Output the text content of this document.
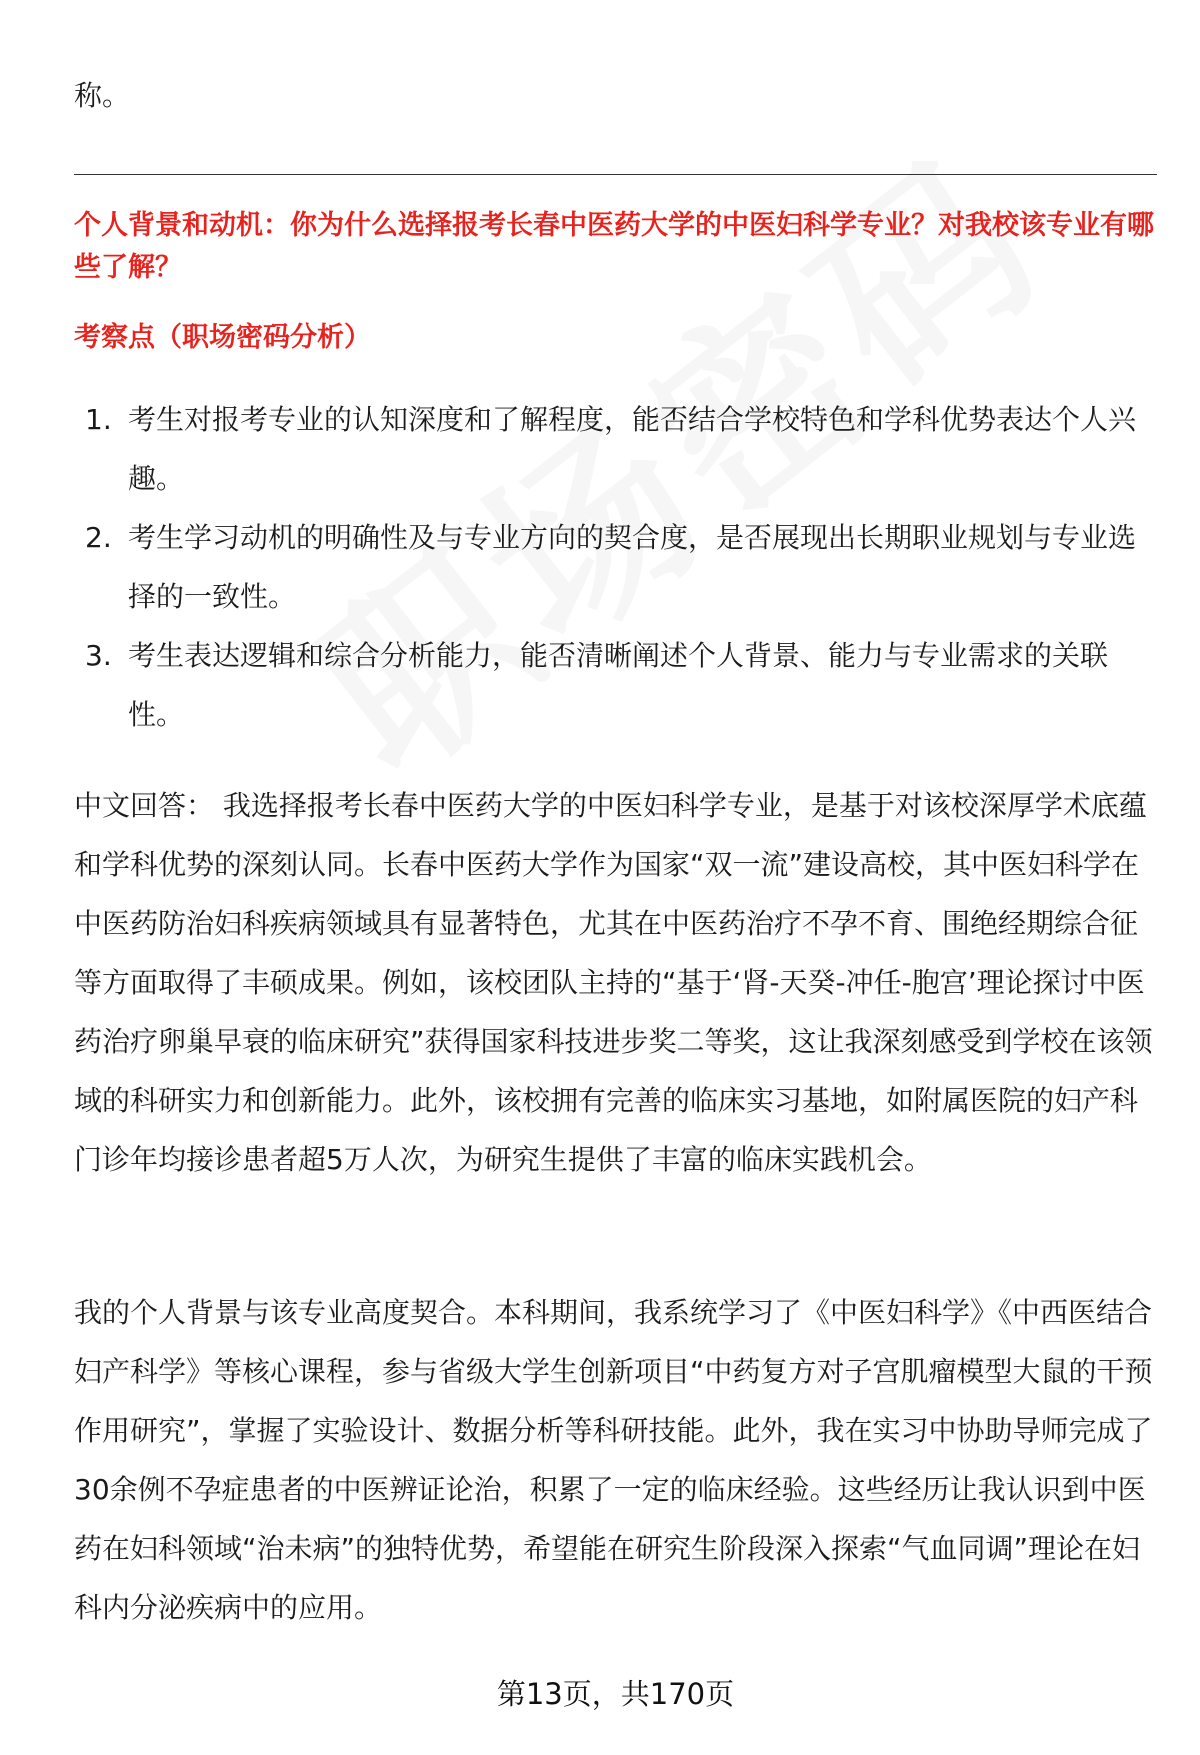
称。
个人背景和动机：你为什么选择报考长春中医药大学的中医妇科学专业？对我校该专业有哪些了解？
考察点（职场密码分析）
1. 考生对报考专业的认知深度和了解程度，能否结合学校特色和学科优势表达个人兴趣。
2. 考生学习动机的明确性及与专业方向的契合度，是否展现出长期职业规划与专业选择的一致性。
3. 考生表达逻辑和综合分析能力，能否清晰阐述个人背景、能力与专业需求的关联性。

中文回答： 我选择报考长春中医药大学的中医妇科学专业，是基于对该校深厚学术底蕴和学科优势的深刻认同。长春中医药大学作为国家“双一流”建设高校，其中医妇科学在中医药防治妇科疾病领域具有显著特色，尤其在中医药治疗不孕不育、围绝经期综合征等方面取得了丰硕成果。例如，该校团队主持的“基于‘肾-天癸-冲任-胞宫’理论探讨中医药治疗卵巢早衰的临床研究”获得国家科技进步奖二等奖，这让我深刻感受到学校在该领域的科研实力和创新能力。此外，该校拥有完善的临床实习基地，如附属医院的妇产科门诊年均接诊患者超5万人次，为研究生提供了丰富的临床实践机会。

我的个人背景与该专业高度契合。本科期间，我系统学习了《中医妇科学》《中西医结合妇产科学》等核心课程，参与省级大学生创新项目“中药复方对子宫肌瘤模型大鼠的干预作用研究”，掌握了实验设计、数据分析等科研技能。此外，我在实习中协助导师完成了30余例不孕症患者的中医辨证论治，积累了一定的临床经验。这些经历让我认识到中医药在妇科领域“治未病”的独特优势，希望能在研究生阶段深入探索“气血同调”理论在妇科内分泌疾病中的应用。

第13页，共170页
